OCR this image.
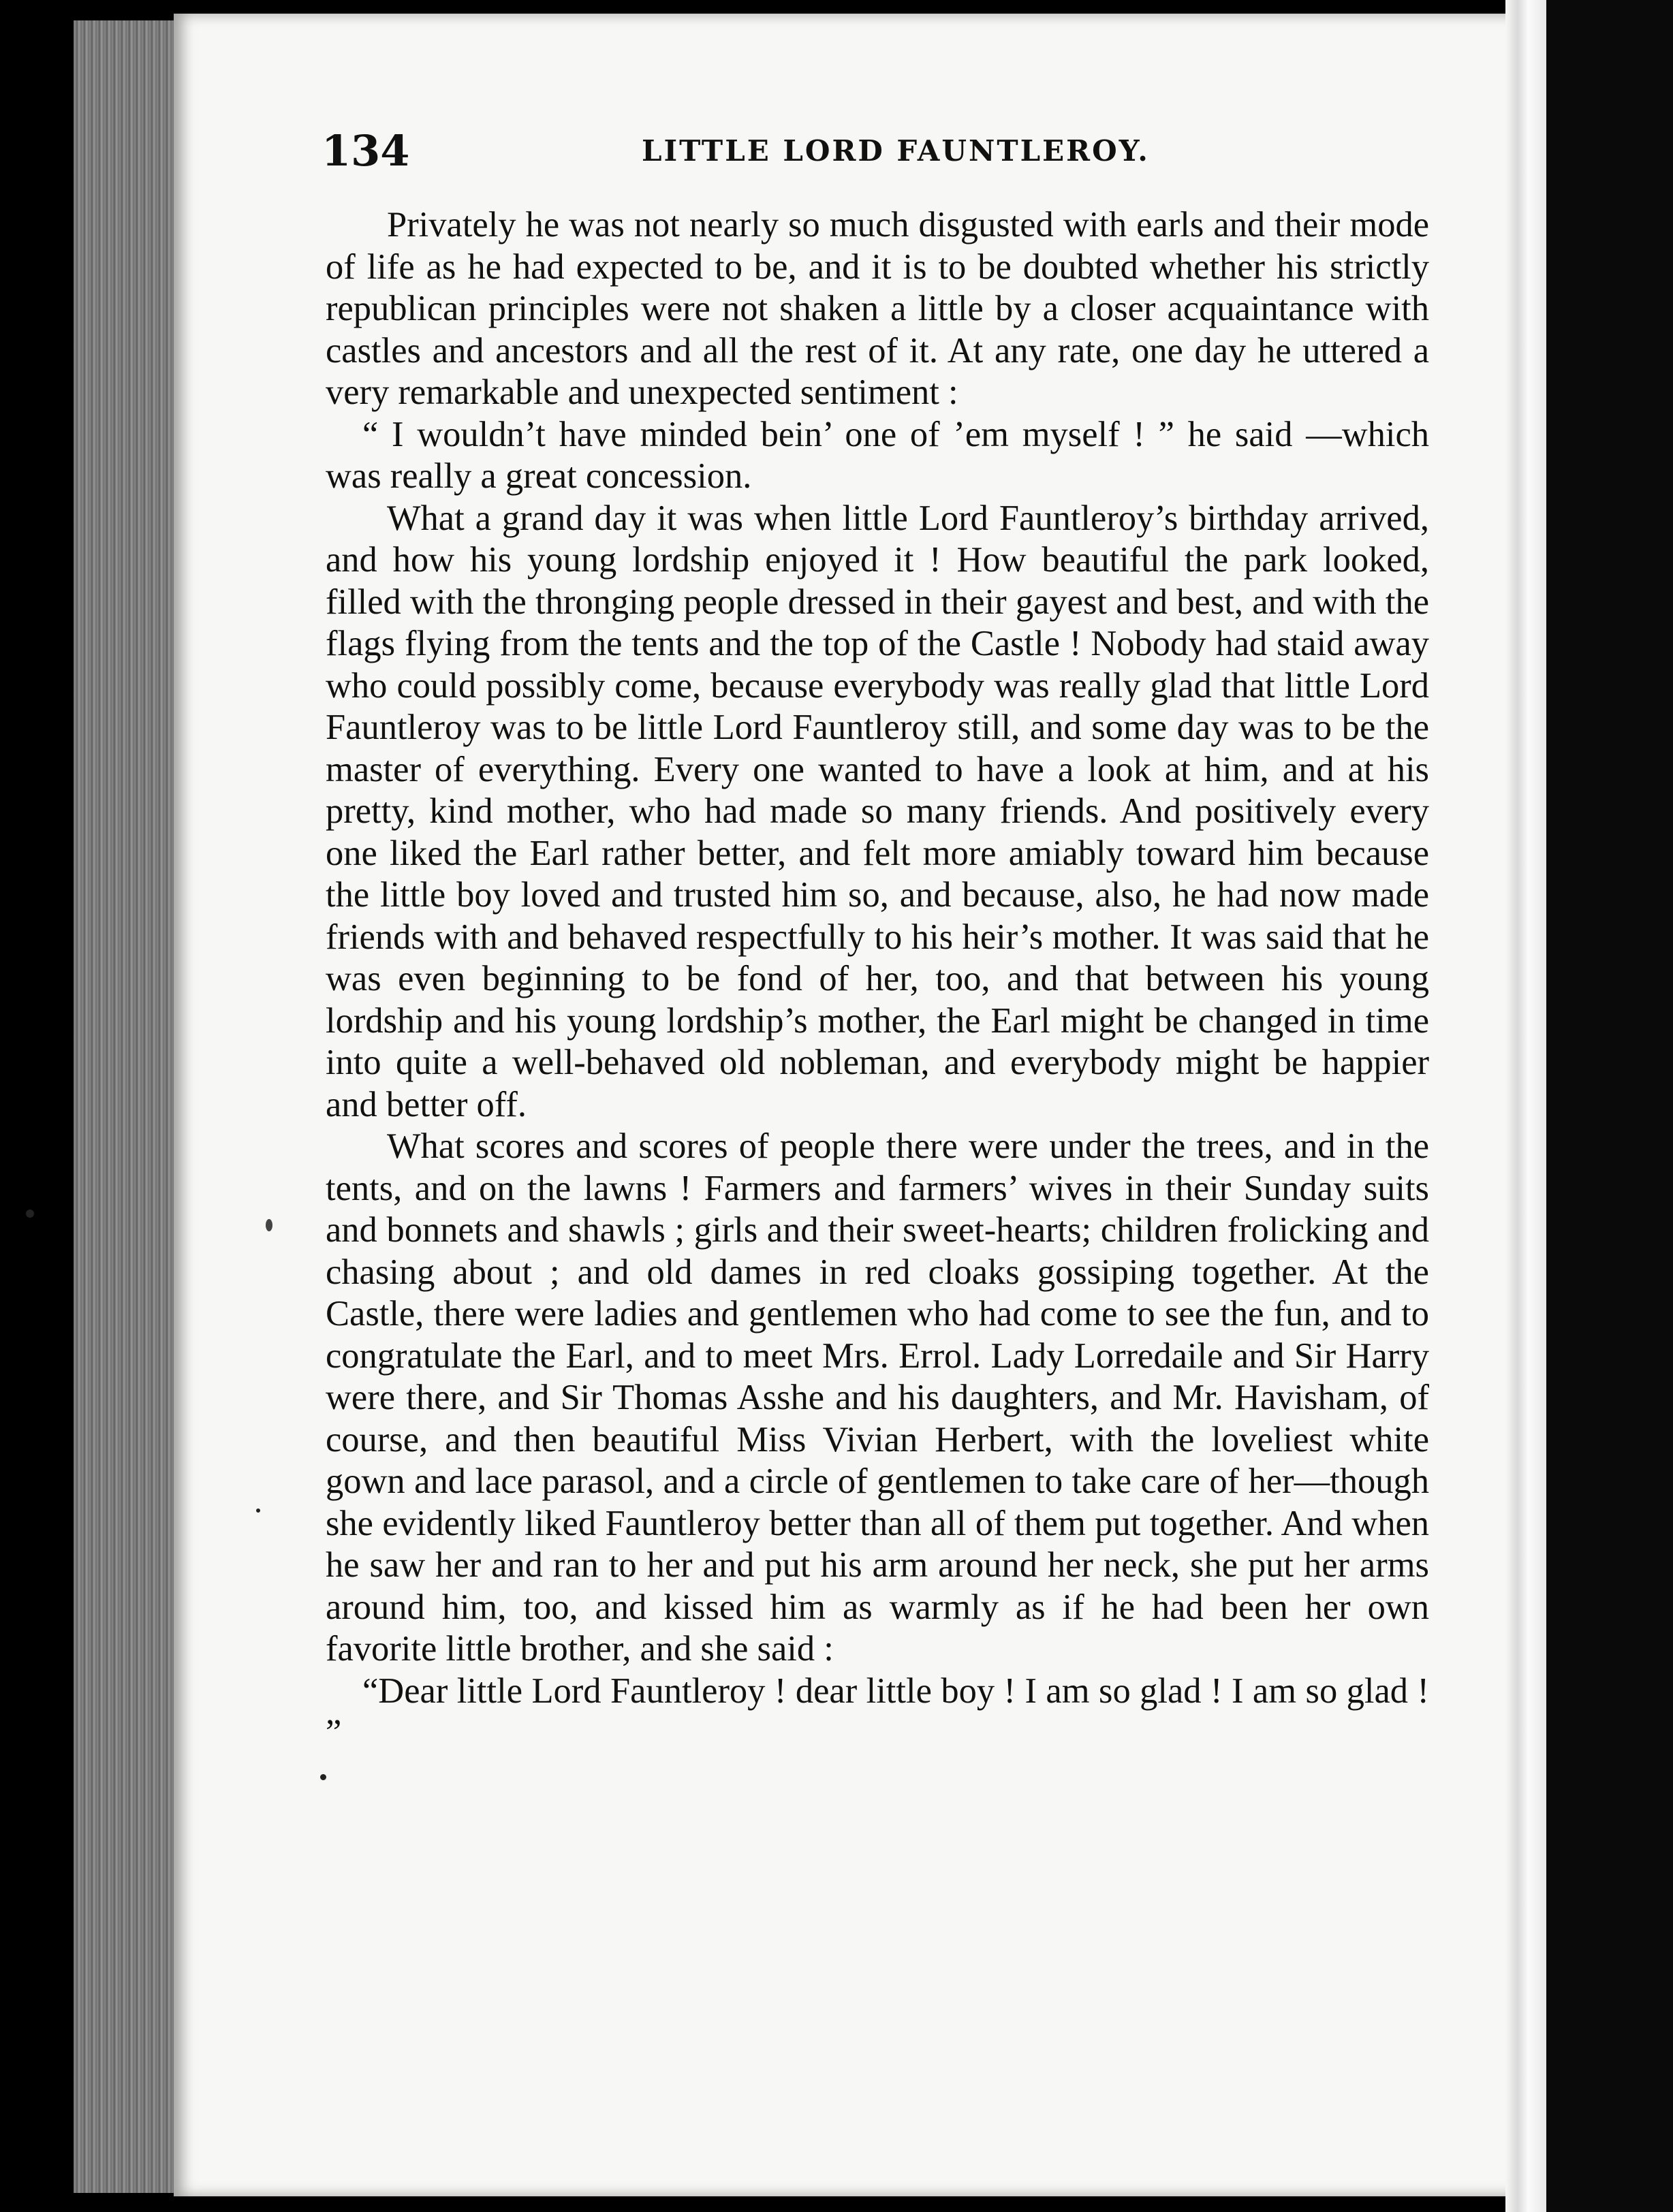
134	LITTLE LORD FAUNTLEROY.

Privately he was not nearly so much disgusted with earls and their mode of life as he had expected to be, and it is to be doubted whether his strictly republican principles were not shaken a little by a closer acquaintance with castles and ancestors and all the rest of it. At any rate, one day he uttered a very remarkable and unexpected sentiment :

“ I wouldn’t have minded bein’ one of ’em myself ! ” he said —which was really a great concession.

What a grand day it was when little Lord Fauntleroy’s birthday arrived, and how his young lordship enjoyed it ! How beautiful the park looked, filled with the thronging people dressed in their gayest and best, and with the flags flying from the tents and the top of the Castle ! Nobody had staid away who could possibly come, because everybody was really glad that little Lord Fauntleroy was to be little Lord Fauntleroy still, and some day was to be the master of everything. Every one wanted to have a look at him, and at his pretty, kind mother, who had made so many friends. And positively every one liked the Earl rather better, and felt more amiably toward him because the little boy loved and trusted him so, and because, also, he had now made friends with and behaved respectfully to his heir’s mother. It was said that he was even beginning to be fond of her, too, and that between his young lordship and his young lordship’s mother, the Earl might be changed in time into quite a well-behaved old nobleman, and everybody might be happier and better off.

What scores and scores of people there were under the trees, and in the tents, and on the lawns ! Farmers and farmers’ wives in their Sunday suits and bonnets and shawls ; girls and their sweet-hearts; children frolicking and chasing about ; and old dames in red cloaks gossiping together. At the Castle, there were ladies and gentlemen who had come to see the fun, and to congratulate the Earl, and to meet Mrs. Errol. Lady Lorredaile and Sir Harry were there, and Sir Thomas Asshe and his daughters, and Mr. Havisham, of course, and then beautiful Miss Vivian Herbert, with the loveliest white gown and lace parasol, and a circle of gentlemen to take care of her—though she evidently liked Fauntleroy better than all of them put together. And when he saw her and ran to her and put his arm around her neck, she put her arms around him, too, and kissed him as warmly as if he had been her own favorite little brother, and she said :

“Dear little Lord Fauntleroy ! dear little boy ! I am so glad ! I am so glad ! ”
